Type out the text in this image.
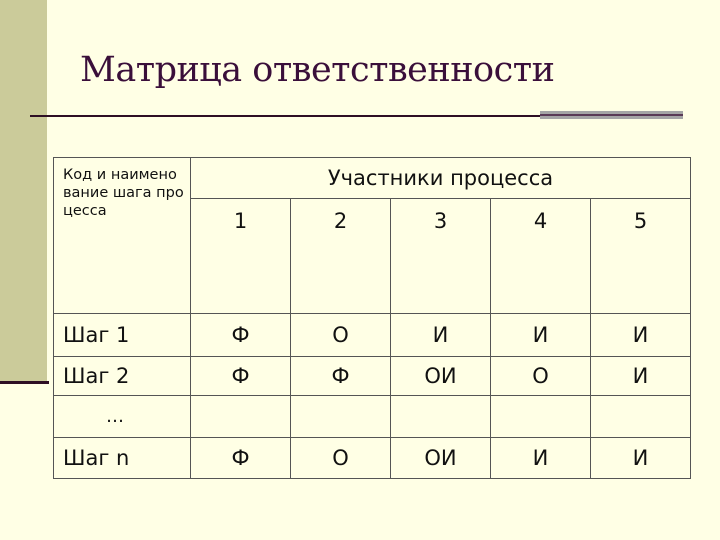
Матрица ответственности
Код и наименование шага процесса	Участники процесса				
	1	2	3	4	5
Шаг 1	Ф	О	И	И	И
Шаг 2	Ф	Ф	ОИ	О	И
…					
Шаг n	Ф	О	ОИ	И	И
